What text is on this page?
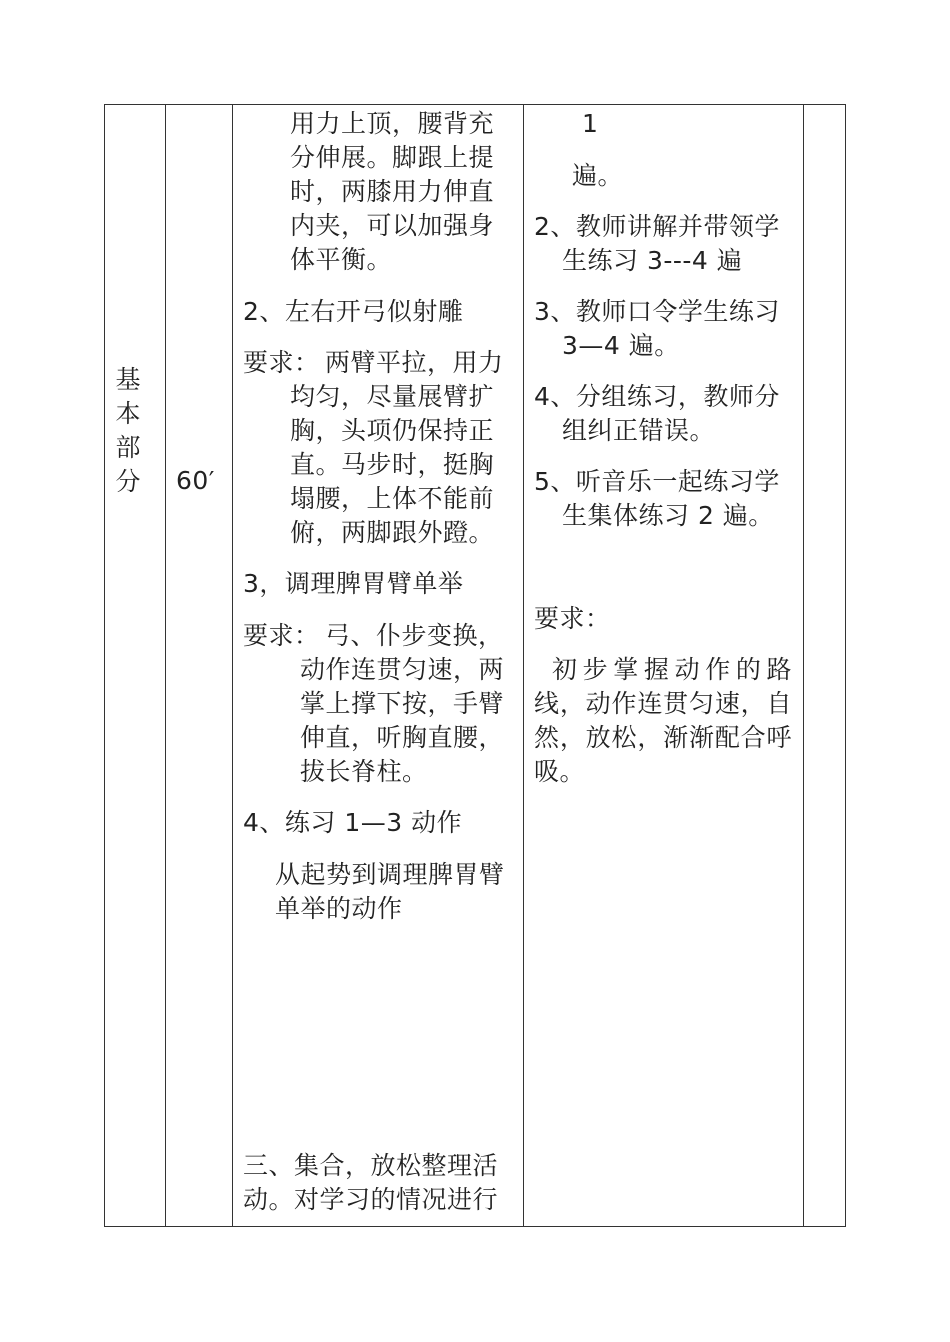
基
本
部
分 60′
用力上顶，腰背充
分伸展。脚跟上提
时，两膝用力伸直
内夹，可以加强身
体平衡。
2、左右开弓似射雕
要求： 两臂平拉，用力
均匀，尽量展臂扩
胸，头项仍保持正
直。马步时，挺胸
塌腰，上体不能前
俯，两脚跟外蹬。
3，调理脾胃臂单举
要求： 弓、仆步变换，
动作连贯匀速，两
掌上撑下按，手臂
伸直，听胸直腰，
拔长脊柱。
4、练习 1—3 动作
从起势到调理脾胃臂
单举的动作
三、集合，放松整理活
动。对学习的情况进行
1
遍。
2、教师讲解并带领学
生练习 3---4 遍
3、教师口令学生练习
3—4 遍。
4、分组练习，教师分
组纠正错误。
5、听音乐一起练习学
生集体练习 2 遍。
要求：
初步掌握动作的路
线，动作连贯匀速，自
然，放松，渐渐配合呼
吸。
